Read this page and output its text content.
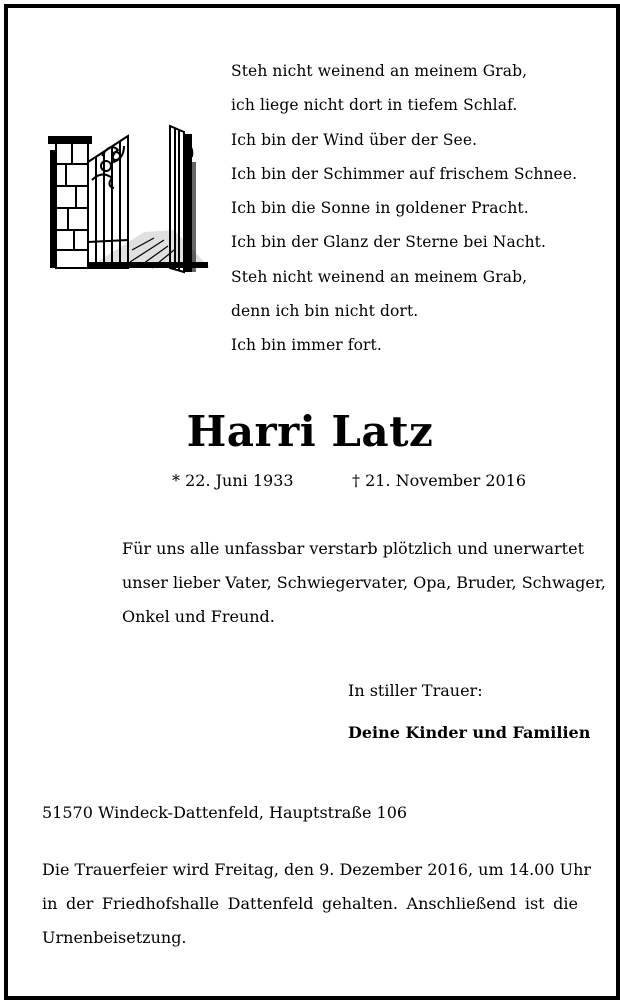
Steh nicht weinend an meinem Grab,
ich liege nicht dort in tiefem Schlaf.
Ich bin der Wind über der See.
Ich bin der Schimmer auf frischem Schnee.
Ich bin die Sonne in goldener Pracht.
Ich bin der Glanz der Sterne bei Nacht.
Steh nicht weinend an meinem Grab,
denn ich bin nicht dort.
Ich bin immer fort.
Harri Latz
* 22. Juni 1933	† 21. November 2016
Für uns alle unfassbar verstarb plötzlich und unerwartet
unser lieber Vater, Schwiegervater, Opa, Bruder, Schwager,
Onkel und Freund.
In stiller Trauer:
Deine Kinder und Familien
51570 Windeck-Dattenfeld, Hauptstraße 106
Die Trauerfeier wird Freitag, den 9. Dezember 2016, um 14.00 Uhr
in der Friedhofshalle Dattenfeld gehalten. Anschließend ist die
Urnenbeisetzung.
